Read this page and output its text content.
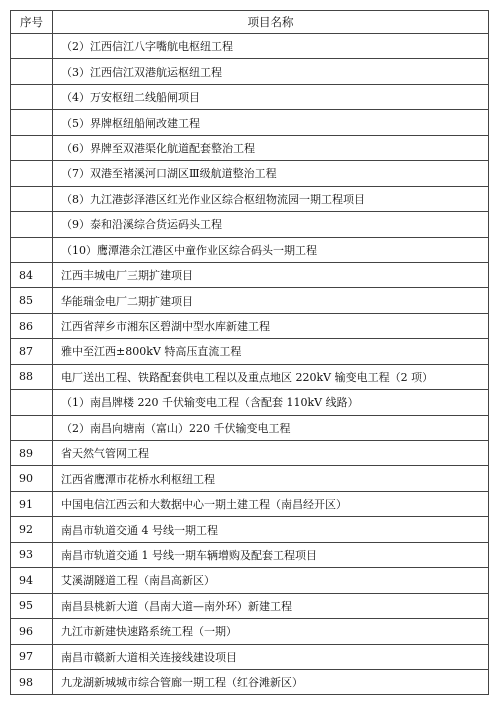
序号	项目名称
	（2）江西信江八字嘴航电枢纽工程
	（3）江西信江双港航运枢纽工程
	（4）万安枢纽二线船闸项目
	（5）界牌枢纽船闸改建工程
	（6）界牌至双港渠化航道配套整治工程
	（7）双港至褚溪河口湖区Ⅲ级航道整治工程
	（8）九江港彭泽港区红光作业区综合枢纽物流园一期工程项目
	（9）泰和沿溪综合货运码头工程
	（10）鹰潭港余江港区中童作业区综合码头一期工程
84	江西丰城电厂三期扩建项目
85	华能瑞金电厂二期扩建项目
86	江西省萍乡市湘东区碧湖中型水库新建工程
87	雅中至江西±800kV 特高压直流工程
88	电厂送出工程、铁路配套供电工程以及重点地区 220kV 输变电工程（2 项）
	（1）南昌牌楼 220 千伏输变电工程（含配套 110kV 线路）
	（2）南昌向塘南（富山）220 千伏输变电工程
89	省天然气管网工程
90	江西省鹰潭市花桥水利枢纽工程
91	中国电信江西云和大数据中心一期土建工程（南昌经开区）
92	南昌市轨道交通 4 号线一期工程
93	南昌市轨道交通 1 号线一期车辆增购及配套工程项目
94	艾溪湖隧道工程（南昌高新区）
95	南昌县桃新大道（昌南大道—南外环）新建工程
96	九江市新建快速路系统工程（一期）
97	南昌市赣新大道相关连接线建设项目
98	九龙湖新城城市综合管廊一期工程（红谷滩新区）
